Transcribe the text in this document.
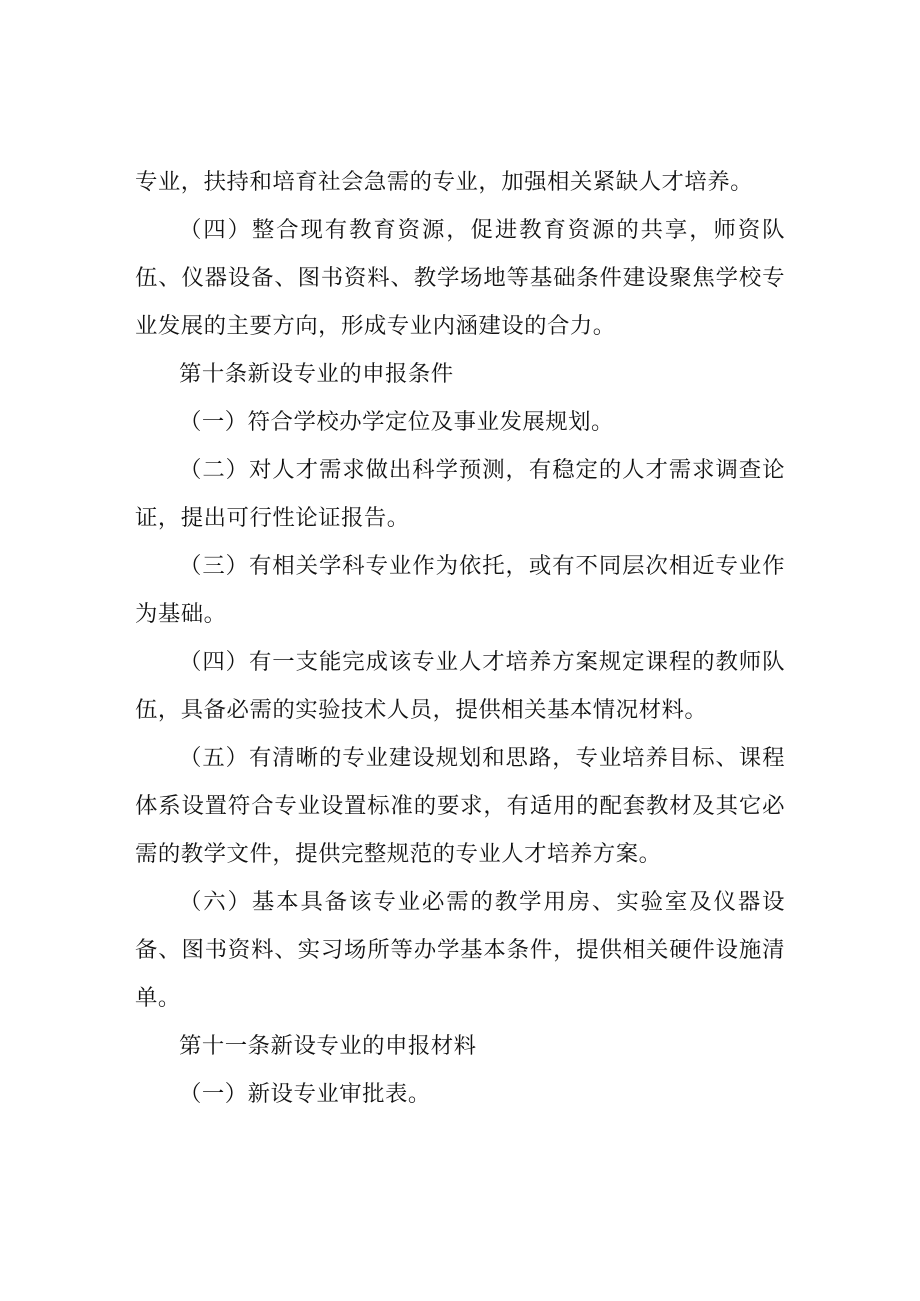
专业，扶持和培育社会急需的专业，加强相关紧缺人才培养。

（四）整合现有教育资源，促进教育资源的共享，师资队伍、仪器设备、图书资料、教学场地等基础条件建设聚焦学校专业发展的主要方向，形成专业内涵建设的合力。

第十条新设专业的申报条件

（一）符合学校办学定位及事业发展规划。

（二）对人才需求做出科学预测，有稳定的人才需求调查论证，提出可行性论证报告。

（三）有相关学科专业作为依托，或有不同层次相近专业作为基础。

（四）有一支能完成该专业人才培养方案规定课程的教师队伍，具备必需的实验技术人员，提供相关基本情况材料。

（五）有清晰的专业建设规划和思路，专业培养目标、课程体系设置符合专业设置标准的要求，有适用的配套教材及其它必需的教学文件，提供完整规范的专业人才培养方案。

（六）基本具备该专业必需的教学用房、实验室及仪器设备、图书资料、实习场所等办学基本条件，提供相关硬件设施清单。

第十一条新设专业的申报材料

（一）新设专业审批表。
